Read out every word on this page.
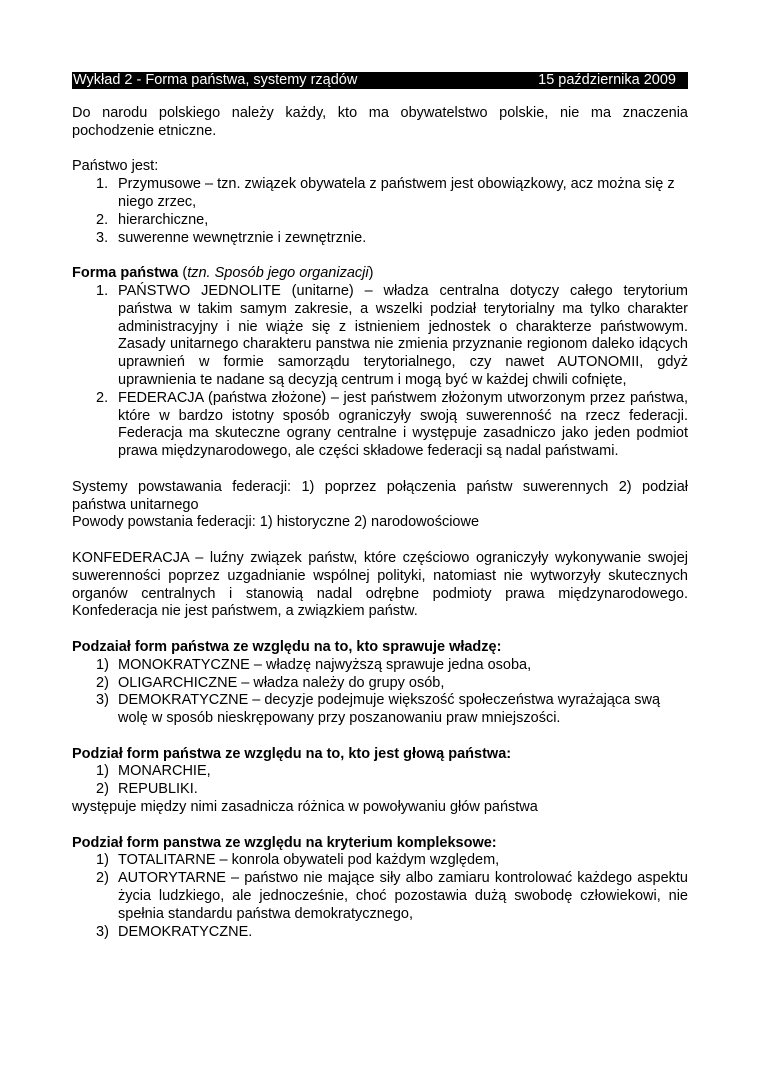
Wykład 2 - Forma państwa, systemy rządów	15 października 2009

Do narodu polskiego należy każdy, kto ma obywatelstwo polskie, nie ma znaczenia pochodzenie etniczne.

Państwo jest:

1. Przymusowe – tzn. związek obywatela z państwem jest obowiązkowy, acz można się z niego zrzec,
2. hierarchiczne,
3. suwerenne wewnętrznie i zewnętrznie.

Forma państwa (tzn. Sposób jego organizacji)

1. PAŃSTWO JEDNOLITE (unitarne) – władza centralna dotyczy całego terytorium państwa w takim samym zakresie, a wszelki podział terytorialny ma tylko charakter administracyjny i nie wiąże się z istnieniem jednostek o charakterze państwowym. Zasady unitarnego charakteru panstwa nie zmienia przyznanie regionom daleko idących uprawnień w formie samorządu terytorialnego, czy nawet AUTONOMII, gdyż uprawnienia te nadane są decyzją centrum i mogą być w każdej chwili cofnięte,
2. FEDERACJA (państwa złożone) – jest państwem złożonym utworzonym przez państwa, które w bardzo istotny sposób ograniczyły swoją suwerenność na rzecz federacji. Federacja ma skuteczne ograny centralne i występuje zasadniczo jako jeden podmiot prawa międzynarodowego, ale części składowe federacji są nadal państwami.

Systemy powstawania federacji: 1) poprzez połączenia państw suwerennych 2) podział państwa unitarnego

Powody powstania federacji: 1) historyczne 2) narodowościowe

KONFEDERACJA – luźny związek państw, które częściowo ograniczyły wykonywanie swojej suwerenności poprzez uzgadnianie wspólnej polityki, natomiast nie wytworzyły skutecznych organów centralnych i stanowią nadal odrębne podmioty prawa międzynarodowego. Konfederacja nie jest państwem, a związkiem państw.

Podzaiał form państwa ze względu na to, kto sprawuje władzę:

1) MONOKRATYCZNE – władzę najwyższą sprawuje jedna osoba,
2) OLIGARCHICZNE – władza należy do grupy osób,
3) DEMOKRATYCZNE – decyzje podejmuje większość społeczeństwa wyrażająca swą wolę w sposób nieskrępowany przy poszanowaniu praw mniejszości.

Podział form państwa ze względu na to, kto jest głową państwa:

1) MONARCHIE,
2) REPUBLIKI.

występuje między nimi zasadnicza różnica w powoływaniu głów państwa

Podział form panstwa ze względu na kryterium kompleksowe:

1) TOTALITARNE – konrola obywateli pod każdym względem,
2) AUTORYTARNE – państwo nie mające siły albo zamiaru kontrolować każdego aspektu życia ludzkiego, ale jednocześnie, choć pozostawia dużą swobodę człowiekowi, nie spełnia standardu państwa demokratycznego,
3) DEMOKRATYCZNE.
